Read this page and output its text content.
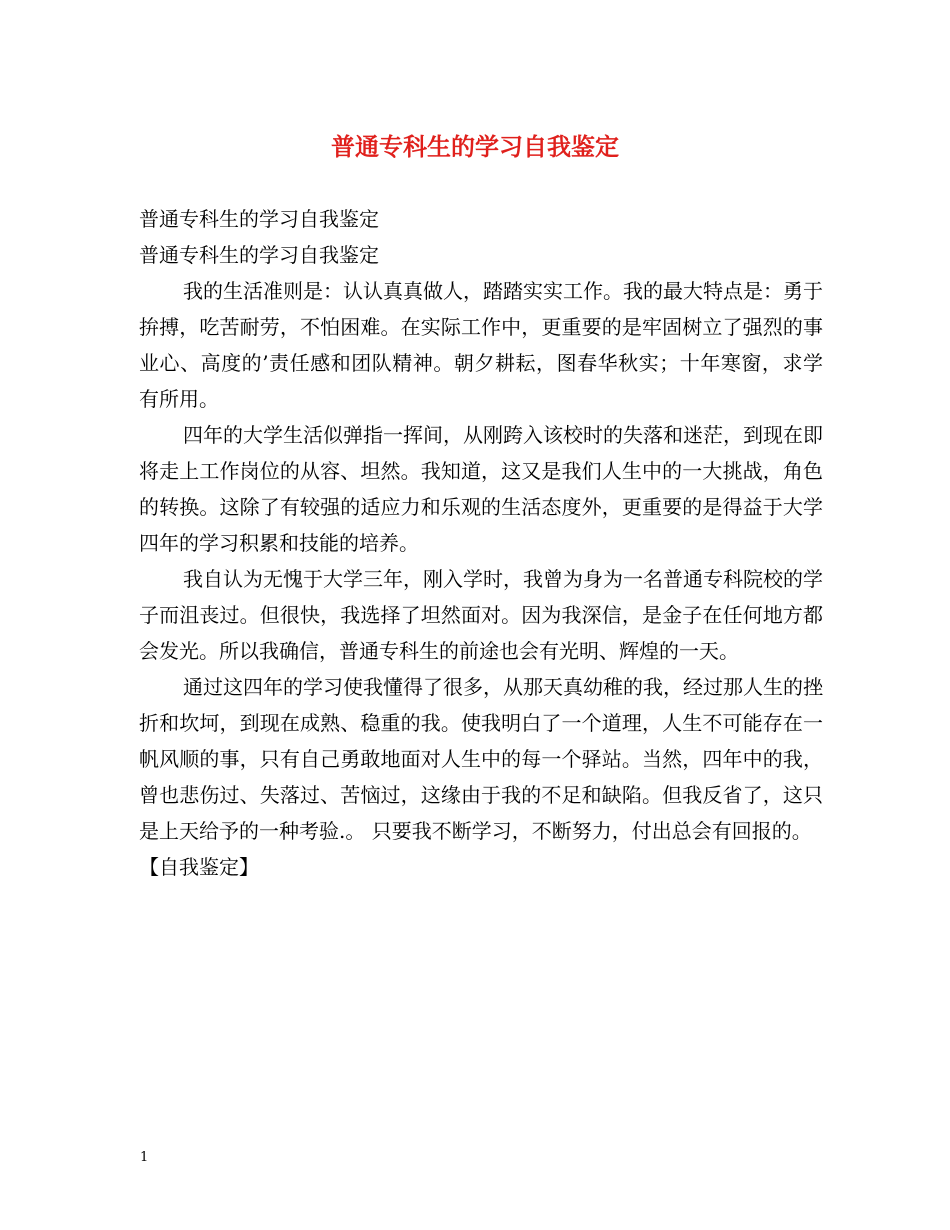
普通专科生的学习自我鉴定
普通专科生的学习自我鉴定
普通专科生的学习自我鉴定

我的生活准则是：认认真真做人，踏踏实实工作。我的最大特点是：勇于拚搏，吃苦耐劳，不怕困难。在实际工作中，更重要的是牢固树立了强烈的事业心、高度的’责任感和团队精神。朝夕耕耘，图春华秋实；十年寒窗，求学有所用。

四年的大学生活似弹指一挥间，从刚跨入该校时的失落和迷茫，到现在即将走上工作岗位的从容、坦然。我知道，这又是我们人生中的一大挑战，角色的转换。这除了有较强的适应力和乐观的生活态度外，更重要的是得益于大学四年的学习积累和技能的培养。

我自认为无愧于大学三年，刚入学时，我曾为身为一名普通专科院校的学子而沮丧过。但很快，我选择了坦然面对。因为我深信，是金子在任何地方都会发光。所以我确信，普通专科生的前途也会有光明、辉煌的一天。

通过这四年的学习使我懂得了很多，从那天真幼稚的我，经过那人生的挫折和坎坷，到现在成熟、稳重的我。使我明白了一个道理，人生不可能存在一帆风顺的事，只有自己勇敢地面对人生中的每一个驿站。当然，四年中的我，曾也悲伤过、失落过、苦恼过，这缘由于我的不足和缺陷。但我反省了，这只是上天给予的一种考验.。 只要我不断学习，不断努力，付出总会有回报的。

【自我鉴定】
1
